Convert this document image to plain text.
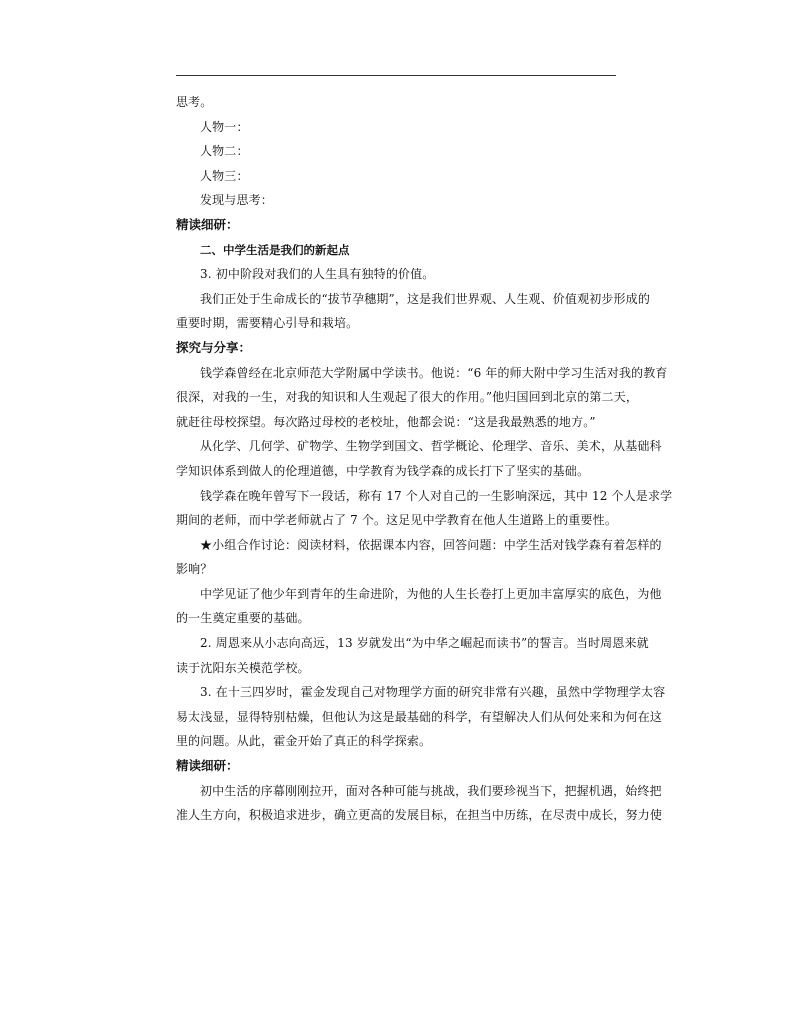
思考。

人物一：

人物二：

人物三：

发现与思考：

精读细研：

二、中学生活是我们的新起点

3. 初中阶段对我们的人生具有独特的价值。

我们正处于生命成长的“拔节孕穗期”，这是我们世界观、人生观、价值观初步形成的

重要时期，需要精心引导和栽培。

探究与分享：

钱学森曾经在北京师范大学附属中学读书。他说：“6 年的师大附中学习生活对我的教育

很深，对我的一生，对我的知识和人生观起了很大的作用。”他归国回到北京的第二天，

就赶往母校探望。每次路过母校的老校址，他都会说：“这是我最熟悉的地方。”

从化学、几何学、矿物学、生物学到国文、哲学概论、伦理学、音乐、美术，从基础科

学知识体系到做人的伦理道德，中学教育为钱学森的成长打下了坚实的基础。

钱学森在晚年曾写下一段话，称有 17 个人对自己的一生影响深远，其中 12 个人是求学

期间的老师，而中学老师就占了 7 个。这足见中学教育在他人生道路上的重要性。

★小组合作讨论：阅读材料，依据课本内容，回答问题：中学生活对钱学森有着怎样的

影响？

中学见证了他少年到青年的生命进阶，为他的人生长卷打上更加丰富厚实的底色，为他

的一生奠定重要的基础。

2. 周恩来从小志向高远，13 岁就发出“为中华之崛起而读书”的誓言。当时周恩来就

读于沈阳东关模范学校。

3. 在十三四岁时，霍金发现自己对物理学方面的研究非常有兴趣，虽然中学物理学太容

易太浅显，显得特别枯燥，但他认为这是最基础的科学，有望解决人们从何处来和为何在这

里的问题。从此，霍金开始了真正的科学探索。

精读细研：

初中生活的序幕刚刚拉开，面对各种可能与挑战，我们要珍视当下，把握机遇，始终把

准人生方向，积极追求进步，确立更高的发展目标，在担当中历练，在尽责中成长，努力使
